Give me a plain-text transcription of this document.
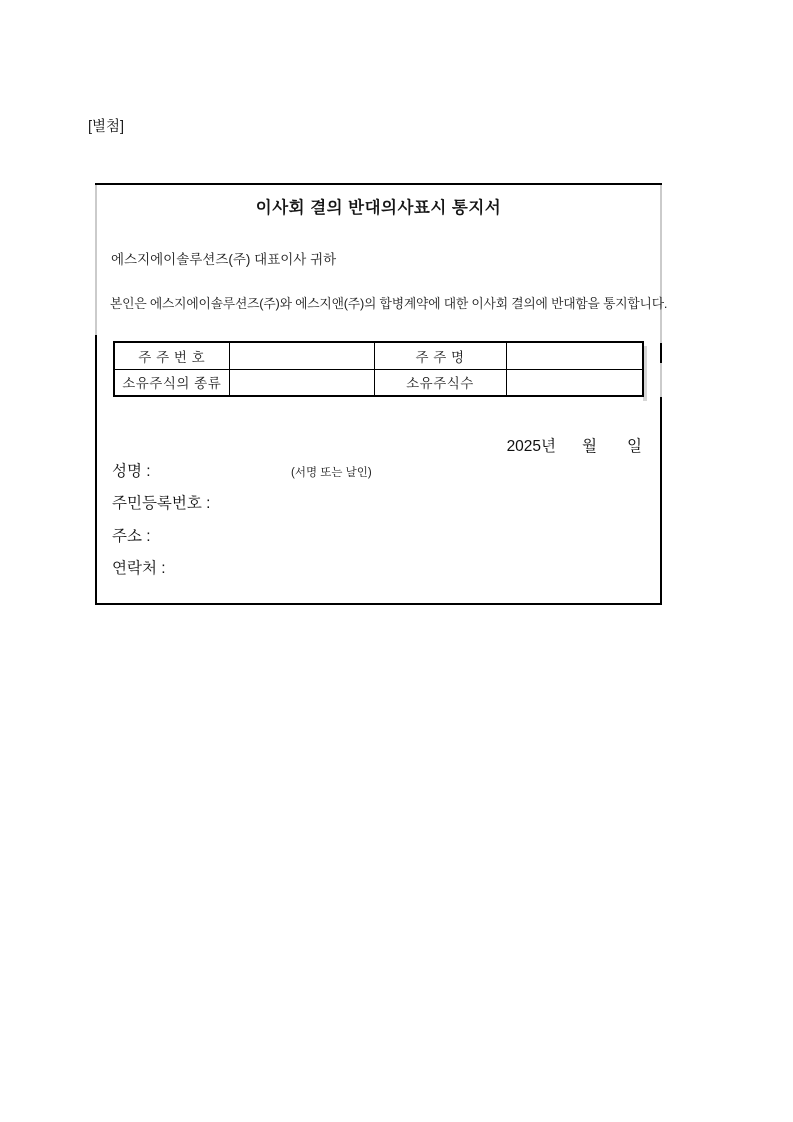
[별첨]
이사회 결의 반대의사표시 통지서
에스지에이솔루션즈(주) 대표이사 귀하
본인은 에스지에이솔루션즈(주)와 에스지앤(주)의 합병계약에 대한 이사회 결의에 반대함을 통지합니다.
주 주 번 호		주 주 명	
소유주식의 종류		소유주식수	
2025년 월 일
성명 :	(서명 또는 날인)
주민등록번호 :
주소 :
연락처 :
